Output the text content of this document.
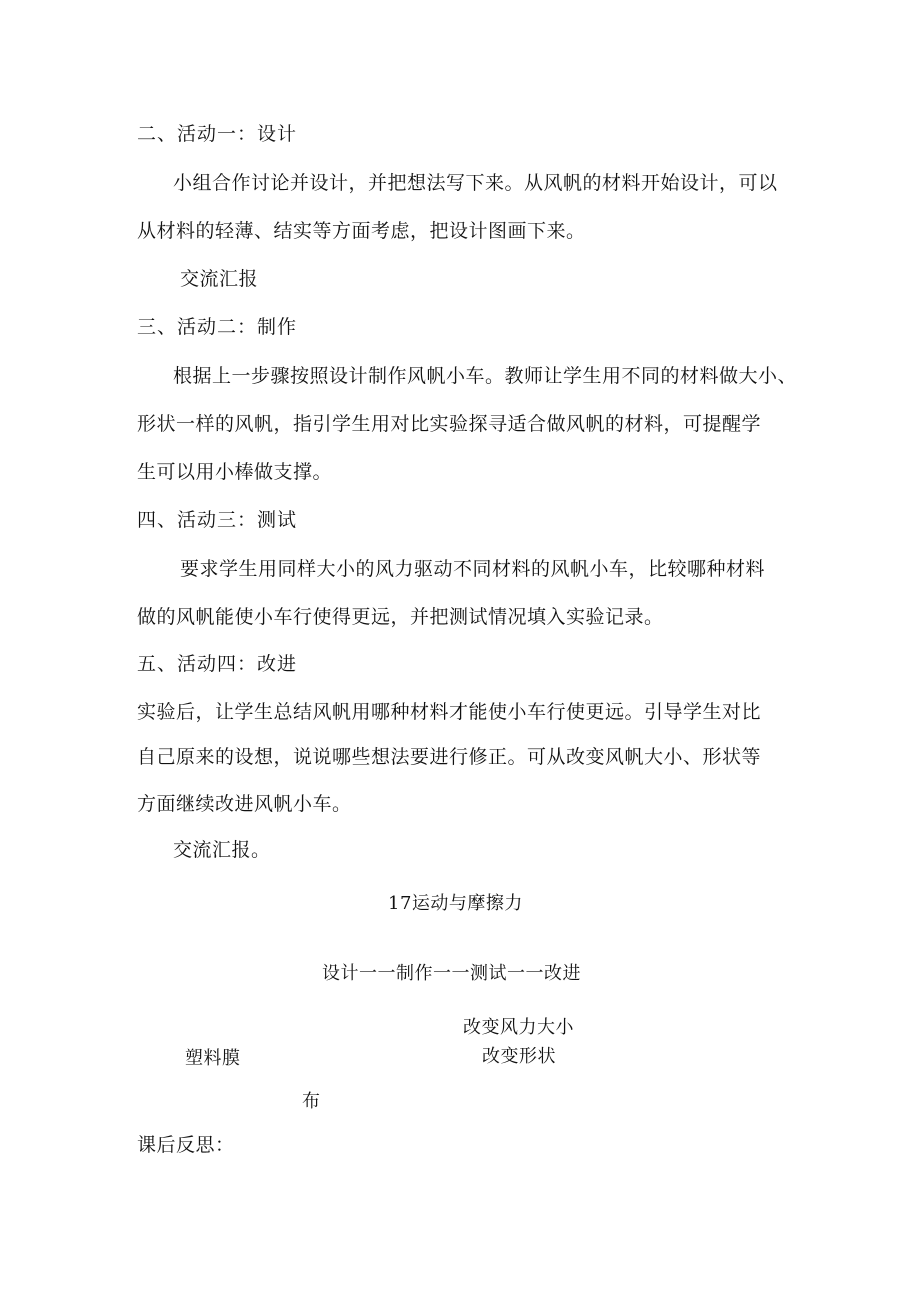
二、活动一：设计
小组合作讨论并设计，并把想法写下来。从风帆的材料开始设计，可以
从材料的轻薄、结实等方面考虑，把设计图画下来。
交流汇报
三、活动二：制作
根据上一步骤按照设计制作风帆小车。教师让学生用不同的材料做大小、
形状一样的风帆，指引学生用对比实验探寻适合做风帆的材料，可提醒学
生可以用小棒做支撑。
四、活动三：测试
要求学生用同样大小的风力驱动不同材料的风帆小车，比较哪种材料
做的风帆能使小车行使得更远，并把测试情况填入实验记录。
五、活动四：改进
实验后，让学生总结风帆用哪种材料才能使小车行使更远。引导学生对比
自己原来的设想，说说哪些想法要进行修正。可从改变风帆大小、形状等
方面继续改进风帆小车。
交流汇报。
17运动与摩擦力
设计一一制作一一测试一一改进
改变风力大小
塑料膜	改变形状
布
课后反思：
